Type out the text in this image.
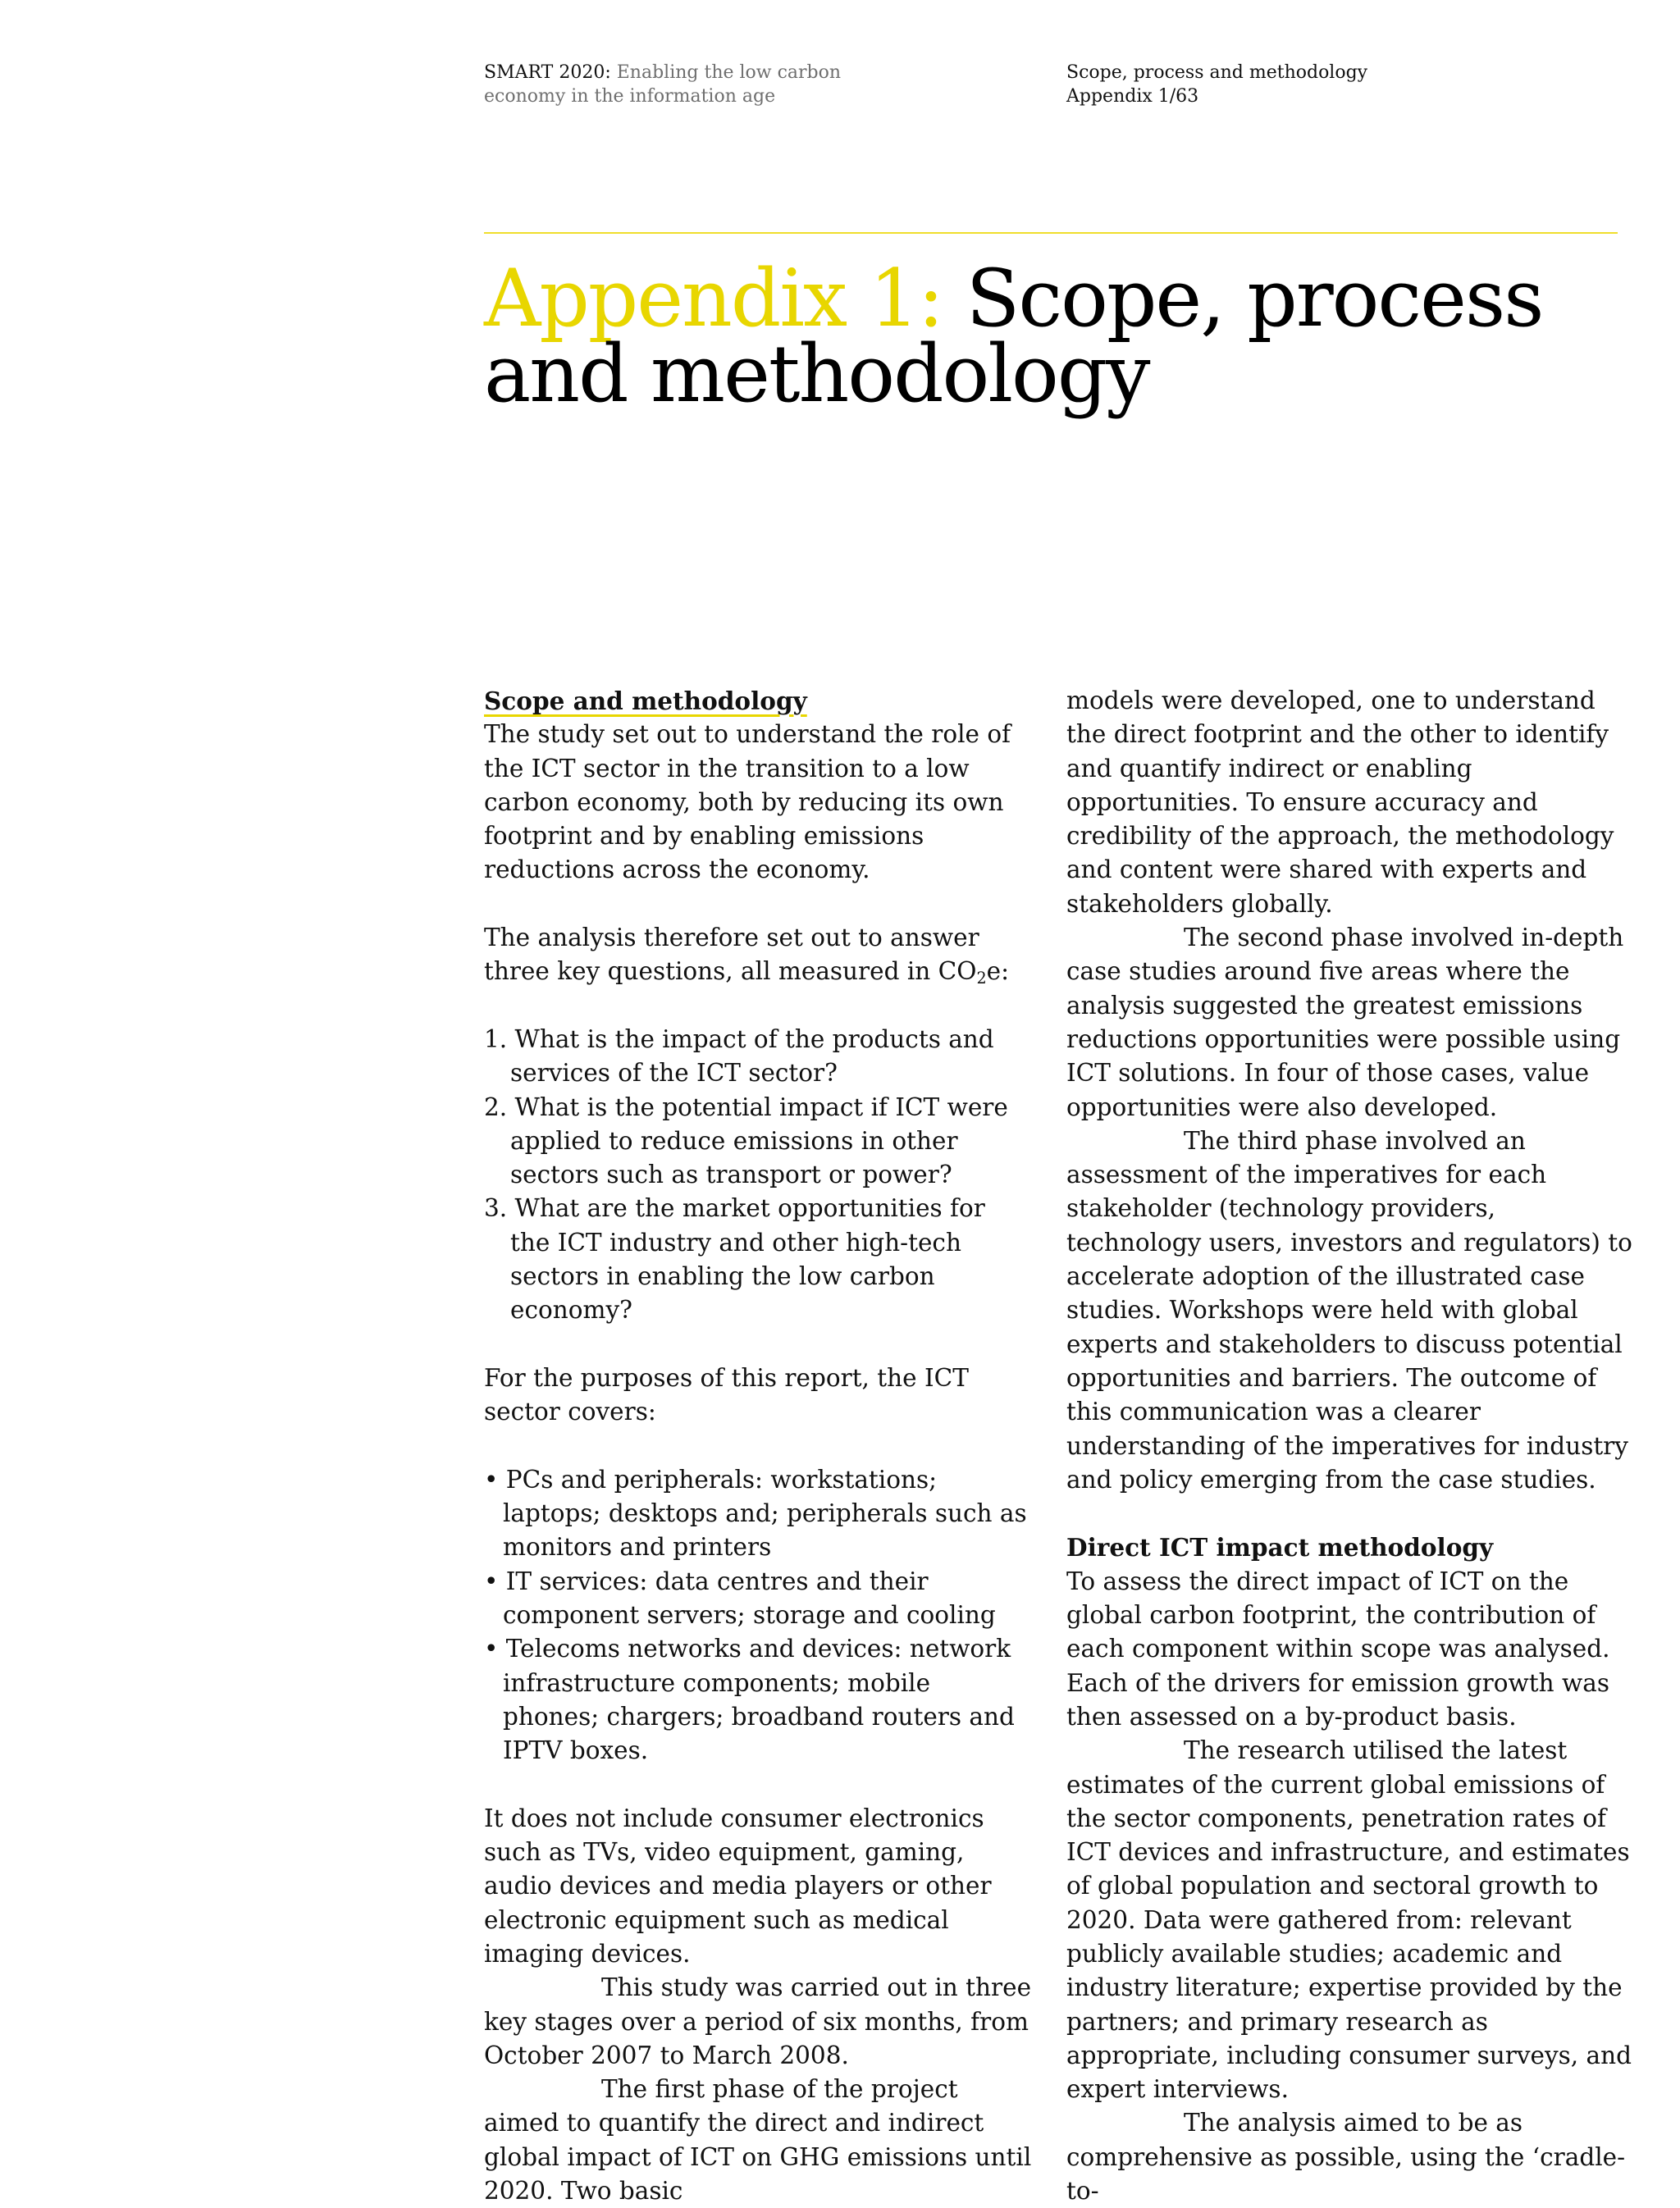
SMART 2020: Enabling the low carbon
economy in the information age
Scope, process and methodology
Appendix 1/63
Appendix 1: Scope, process and methodology

Scope and methodology

The study set out to understand the role of the ICT sector in the transition to a low carbon economy, both by reducing its own footprint and by enabling emissions reductions across the economy.

The analysis therefore set out to answer three key questions, all measured in $CO_2e$:

1. What is the impact of the products and services of the ICT sector?
2. What is the potential impact if ICT were applied to reduce emissions in other sectors such as transport or power?
3. What are the market opportunities for the ICT industry and other high-tech sectors in enabling the low carbon economy?

For the purposes of this report, the ICT sector covers:

• PCs and peripherals: workstations; laptops; desktops and; peripherals such as monitors and printers
• IT services: data centres and their component servers; storage and cooling
• Telecoms networks and devices: network infrastructure components; mobile phones; chargers; broadband routers and IPTV boxes.

It does not include consumer electronics such as TVs, video equipment, gaming, audio devices and media players or other electronic equipment such as medical imaging devices.

This study was carried out in three key stages over a period of six months, from October 2007 to March 2008.

The first phase of the project aimed to quantify the direct and indirect global impact of ICT on GHG emissions until 2020. Two basic

models were developed, one to understand the direct footprint and the other to identify and quantify indirect or enabling opportunities. To ensure accuracy and credibility of the approach, the methodology and content were shared with experts and stakeholders globally.

The second phase involved in-depth case studies around five areas where the analysis suggested the greatest emissions reductions opportunities were possible using ICT solutions. In four of those cases, value opportunities were also developed.

The third phase involved an assessment of the imperatives for each stakeholder (technology providers, technology users, investors and regulators) to accelerate adoption of the illustrated case studies. Workshops were held with global experts and stakeholders to discuss potential opportunities and barriers. The outcome of this communication was a clearer understanding of the imperatives for industry and policy emerging from the case studies.

Direct ICT impact methodology

To assess the direct impact of ICT on the global carbon footprint, the contribution of each component within scope was analysed. Each of the drivers for emission growth was then assessed on a by-product basis.

The research utilised the latest estimates of the current global emissions of the sector components, penetration rates of ICT devices and infrastructure, and estimates of global population and sectoral growth to 2020. Data were gathered from: relevant publicly available studies; academic and industry literature; expertise provided by the partners; and primary research as appropriate, including consumer surveys, and expert interviews.

The analysis aimed to be as comprehensive as possible, using the ‘cradle-to-
